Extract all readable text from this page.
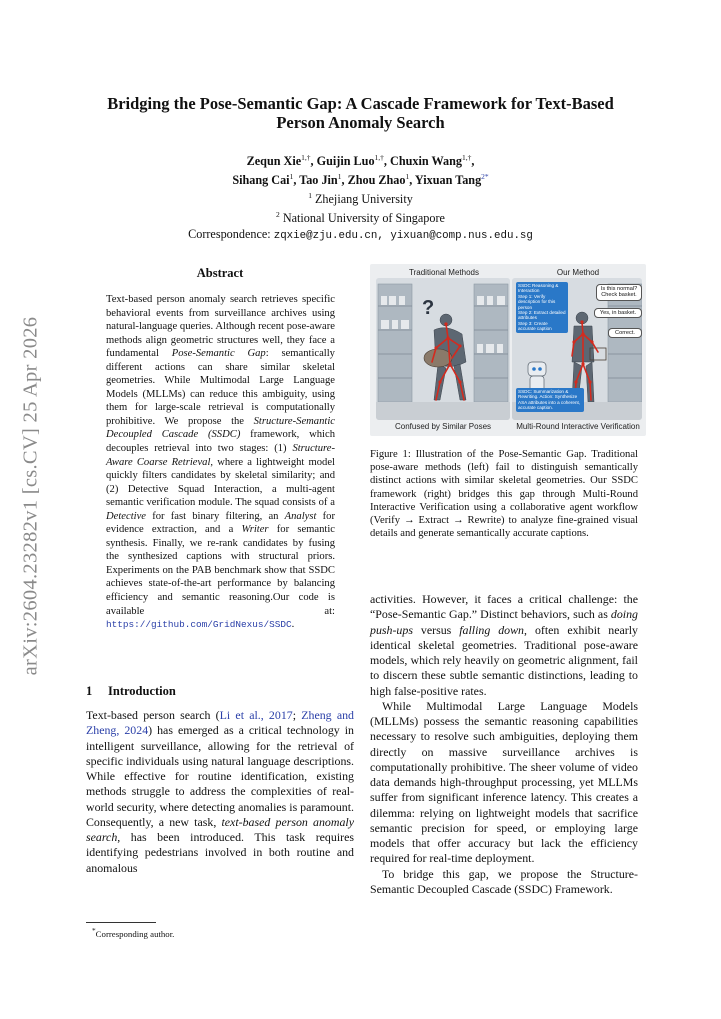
arXiv:2604.23282v1 [cs.CV] 25 Apr 2026
Bridging the Pose-Semantic Gap: A Cascade Framework for Text-Based
Person Anomaly Search
Zequn Xie$^{1,\dagger}$, Guijin Luo$^{1,\dagger}$, Chuxin Wang$^{1,\dagger}$,
Sihang Cai$^1$, Tao Jin$^1$, Zhou Zhao$^1$, Yixuan Tang$^{2*}$
$^1$ Zhejiang University
$^2$ National University of Singapore
Correspondence: zqxie@zju.edu.cn, yixuan@comp.nus.edu.sg
Abstract
Text-based person anomaly search retrieves specific behavioral events from surveillance archives using natural-language queries. Although recent pose-aware methods align geometric structures well, they face a fundamental Pose-Semantic Gap: semantically different actions can share similar skeletal geometries. While Multimodal Large Language Models (MLLMs) can reduce this ambiguity, using them for large-scale retrieval is computationally prohibitive. We propose the Structure-Semantic Decoupled Cascade (SSDC) framework, which decouples retrieval into two stages: (1) Structure-Aware Coarse Retrieval, where a lightweight model quickly filters candidates by skeletal similarity; and (2) Detective Squad Interaction, a multi-agent semantic verification module. The squad consists of a Detective for fast binary filtering, an Analyst for evidence extraction, and a Writer for semantic synthesis. Finally, we re-rank candidates by fusing the synthesized captions with structural priors. Experiments on the PAB benchmark show that SSDC achieves state-of-the-art performance by balancing efficiency and semantic reasoning.Our code is available at: https://github.com/GridNexus/SSDC.
1 Introduction

Text-based person search (Li et al., 2017; Zheng and Zheng, 2024) has emerged as a critical technology in intelligent surveillance, allowing for the retrieval of specific individuals using natural language descriptions. While effective for routine identification, existing methods struggle to address the complexities of real-world security, where detecting anomalies is paramount. Consequently, a new task, text-based person anomaly search, has been introduced. This task requires identifying pedestrians involved in both routine and anomalous

*Corresponding author.
Traditional Methods
?
Confused by Similar Poses
Our Method
SSDC Reasoning & Interaction
Step 1: Verify description for this person
Step 2: Extract detailed attributes
Step 3: Create accurate caption
SSDC: Summarization & Rewriting. Action: Synthesize ASA attributes into a coherent, accurate caption.
Is this normal? Check basket.
Yes, in basket.
Correct.
Multi-Round Interactive Verification
Figure 1: Illustration of the Pose-Semantic Gap. Traditional pose-aware methods (left) fail to distinguish semantically distinct actions with similar skeletal geometries. Our SSDC framework (right) bridges this gap through Multi-Round Interactive Verification using a collaborative agent workflow (Verify → Extract → Rewrite) to analyze fine-grained visual details and generate semantically accurate captions.

activities. However, it faces a critical challenge: the “Pose-Semantic Gap.” Distinct behaviors, such as doing push-ups versus falling down, often exhibit nearly identical skeletal geometries. Traditional pose-aware models, which rely heavily on geometric alignment, fail to discern these subtle semantic distinctions, leading to high false-positive rates.

While Multimodal Large Language Models (MLLMs) possess the semantic reasoning capabilities necessary to resolve such ambiguities, deploying them directly on massive surveillance archives is computationally prohibitive. The sheer volume of video data demands high-throughput processing, yet MLLMs suffer from significant inference latency. This creates a dilemma: relying on lightweight models that sacrifice semantic precision for speed, or employing large models that offer accuracy but lack the efficiency required for real-time deployment.

To bridge this gap, we propose the Structure-Semantic Decoupled Cascade (SSDC) Framework.
